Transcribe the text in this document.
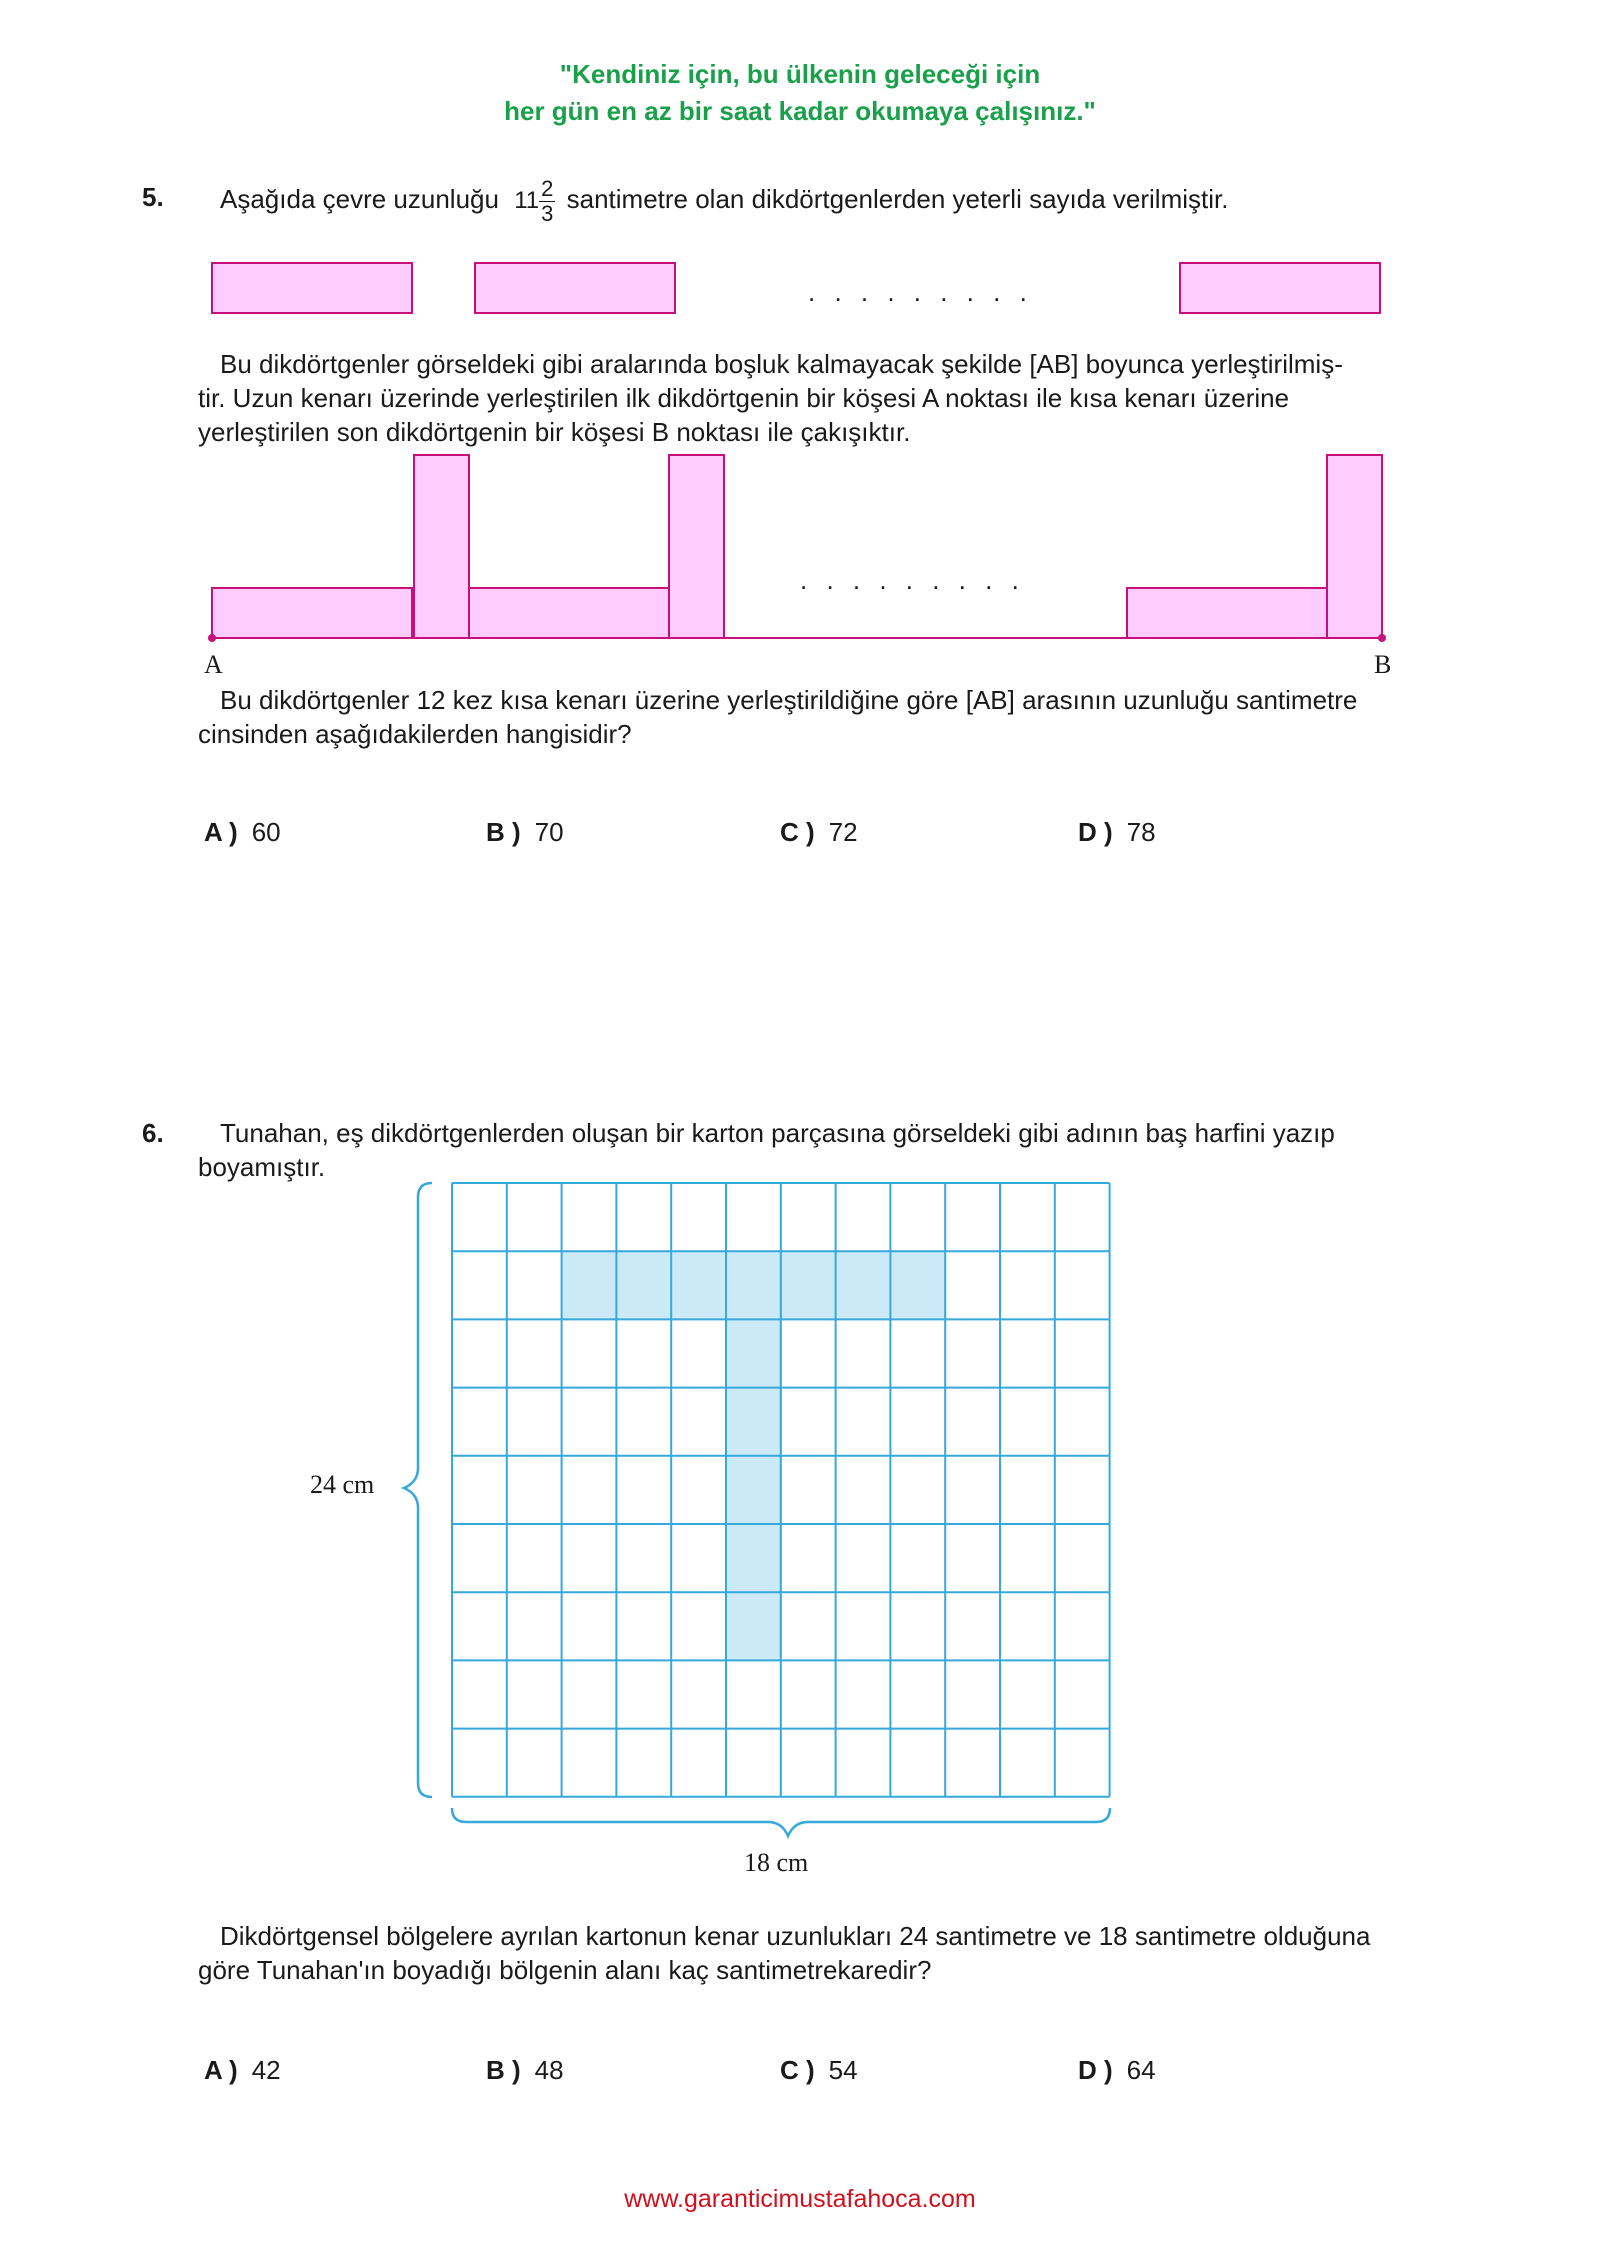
"Kendiniz için, bu ülkenin geleceği için
her gün en az bir saat kadar okumaya çalışınız."
5. Aşağıda çevre uzunluğu $11 \frac{2}{3}$ santimetre olan dikdörtgenlerden yeterli sayıda verilmiştir.
. . . . . . . . .
. . . . . . . . .
Bu dikdörtgenler görseldeki gibi aralarında boşluk kalmayacak şekilde [AB] boyunca yerleştirilmiş-
tir. Uzun kenarı üzerinde yerleştirilen ilk dikdörtgenin bir köşesi A noktası ile kısa kenarı üzerine
yerleştirilen son dikdörtgenin bir köşesi B noktası ile çakışıktır.
A	B
Bu dikdörtgenler 12 kez kısa kenarı üzerine yerleştirildiğine göre [AB] arasının uzunluğu santimetre
cinsinden aşağıdakilerden hangisidir?
A ) 60	B ) 70	C ) 72	D ) 78
6. Tunahan, eş dikdörtgenlerden oluşan bir karton parçasına görseldeki gibi adının baş harfini yazıp
boyamıştır.
24 cm
18 cm
Dikdörtgensel bölgelere ayrılan kartonun kenar uzunlukları 24 santimetre ve 18 santimetre olduğuna
göre Tunahan'ın boyadığı bölgenin alanı kaç santimetrekaredir?
A ) 42	B ) 48	C ) 54	D ) 64
www.garanticimustafahoca.com
